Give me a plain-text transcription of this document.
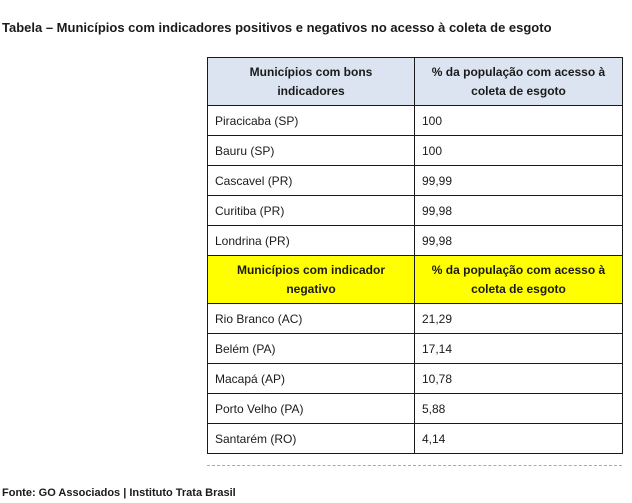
Tabela – Municípios com indicadores positivos e negativos no acesso à coleta de esgoto
Municípios com bons indicadores	% da população com acesso à coleta de esgoto
Piracicaba (SP)	100
Bauru (SP)	100
Cascavel (PR)	99,99
Curitiba (PR)	99,98
Londrina (PR)	99,98
Municípios com indicador negativo	% da população com acesso à coleta de esgoto
Rio Branco (AC)	21,29
Belém (PA)	17,14
Macapá (AP)	10,78
Porto Velho (PA)	5,88
Santarém (RO)	4,14
Fonte: GO Associados | Instituto Trata Brasil
